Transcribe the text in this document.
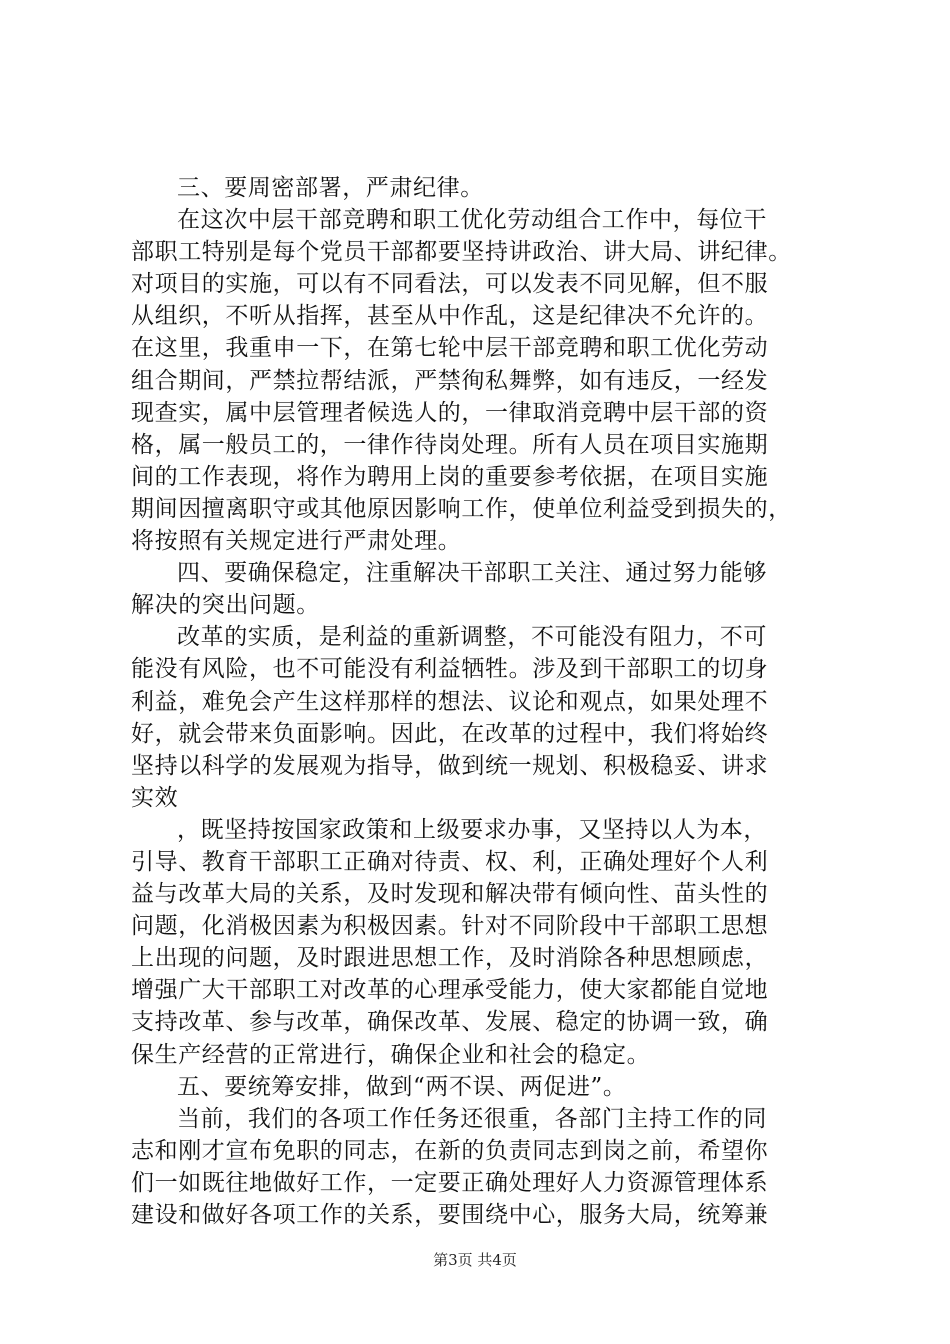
三、要周密部署，严肃纪律。
在这次中层干部竞聘和职工优化劳动组合工作中，每位干
部职工特别是每个党员干部都要坚持讲政治、讲大局、讲纪律。
对项目的实施，可以有不同看法，可以发表不同见解，但不服
从组织，不听从指挥，甚至从中作乱，这是纪律决不允许的。
在这里，我重申一下，在第七轮中层干部竞聘和职工优化劳动
组合期间，严禁拉帮结派，严禁徇私舞弊，如有违反，一经发
现查实，属中层管理者候选人的，一律取消竞聘中层干部的资
格，属一般员工的，一律作待岗处理。所有人员在项目实施期
间的工作表现，将作为聘用上岗的重要参考依据，在项目实施
期间因擅离职守或其他原因影响工作，使单位利益受到损失的，
将按照有关规定进行严肃处理。
四、要确保稳定，注重解决干部职工关注、通过努力能够
解决的突出问题。
改革的实质，是利益的重新调整，不可能没有阻力，不可
能没有风险，也不可能没有利益牺牲。涉及到干部职工的切身
利益，难免会产生这样那样的想法、议论和观点，如果处理不
好，就会带来负面影响。因此，在改革的过程中，我们将始终
坚持以科学的发展观为指导，做到统一规划、积极稳妥、讲求
实效
，既坚持按国家政策和上级要求办事，又坚持以人为本，
引导、教育干部职工正确对待责、权、利，正确处理好个人利
益与改革大局的关系，及时发现和解决带有倾向性、苗头性的
问题，化消极因素为积极因素。针对不同阶段中干部职工思想
上出现的问题，及时跟进思想工作，及时消除各种思想顾虑，
增强广大干部职工对改革的心理承受能力，使大家都能自觉地
支持改革、参与改革，确保改革、发展、稳定的协调一致，确
保生产经营的正常进行，确保企业和社会的稳定。
五、要统筹安排，做到“两不误、两促进”。
当前，我们的各项工作任务还很重，各部门主持工作的同
志和刚才宣布免职的同志，在新的负责同志到岗之前，希望你
们一如既往地做好工作，一定要正确处理好人力资源管理体系
建设和做好各项工作的关系，要围绕中心，服务大局，统筹兼
第3页 共4页
